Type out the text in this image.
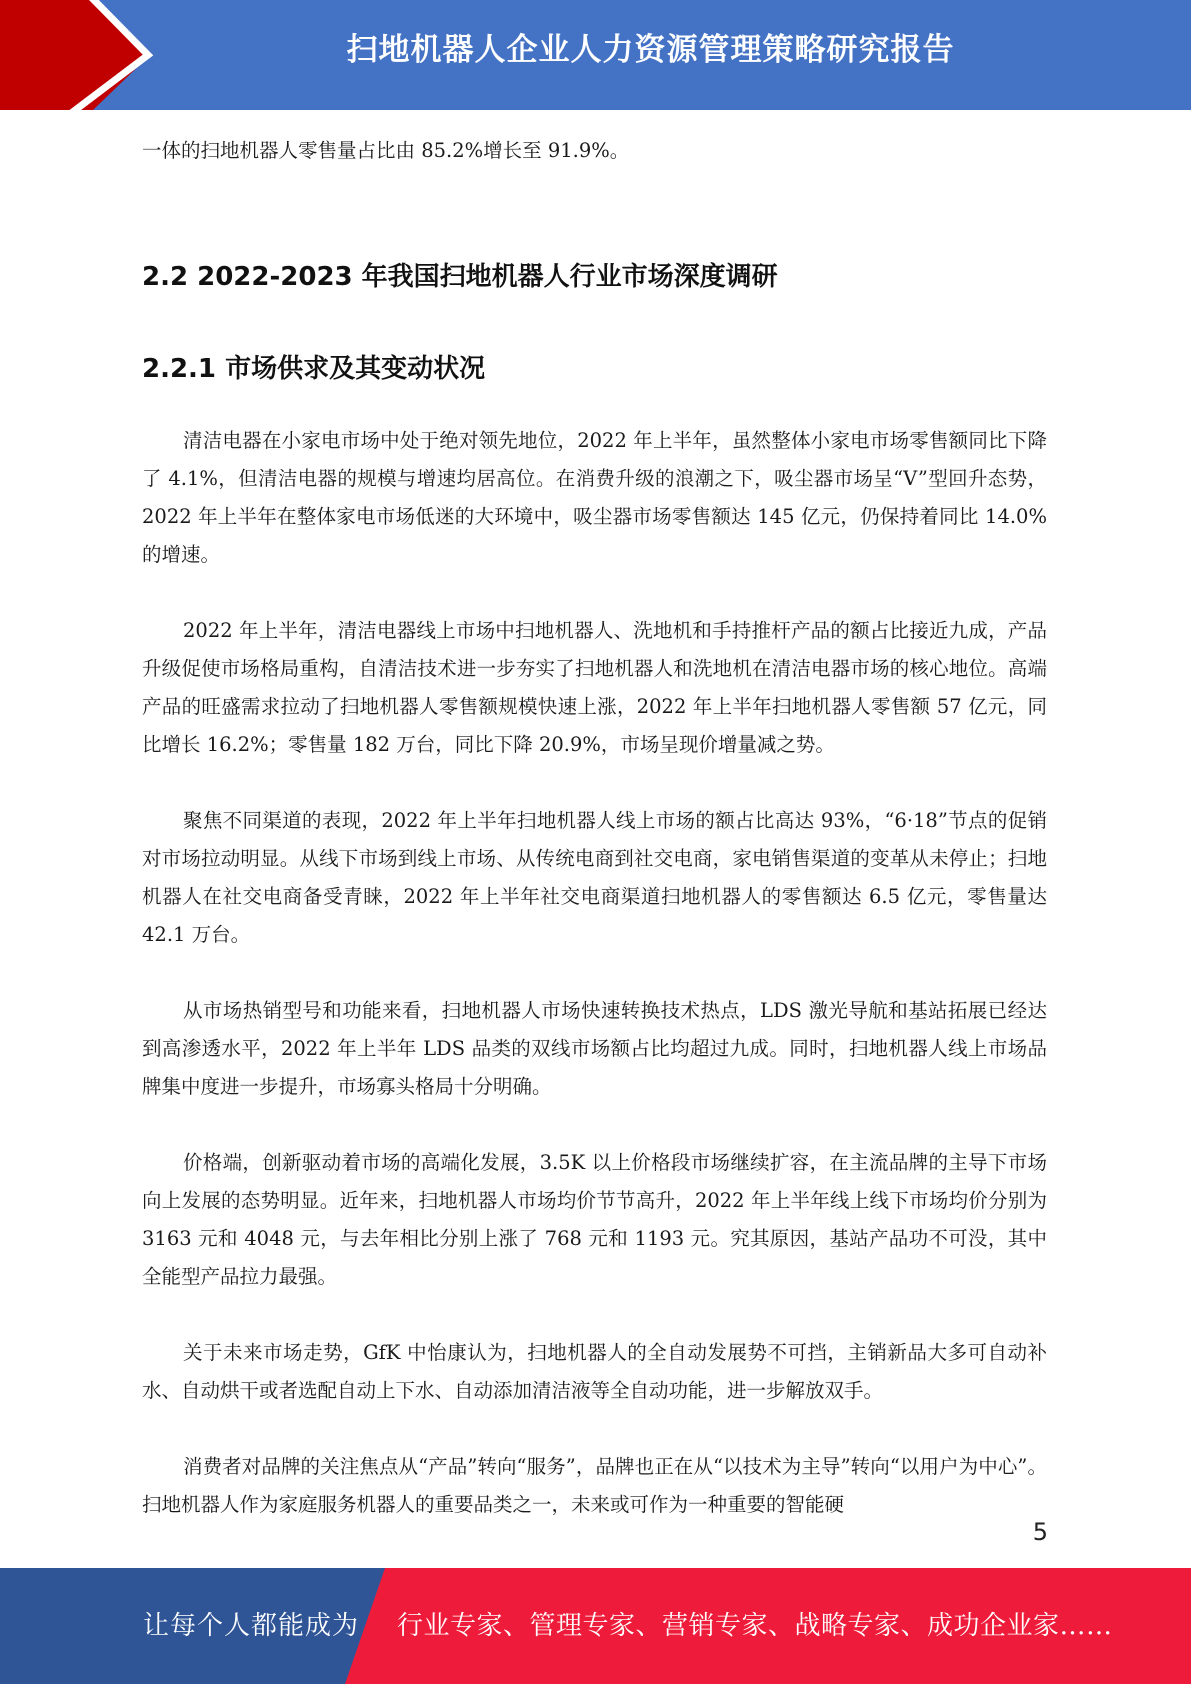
扫地机器人企业人力资源管理策略研究报告

一体的扫地机器人零售量占比由 85.2%增长至 91.9%。

2.2 2022-2023 年我国扫地机器人行业市场深度调研
2.2.1 市场供求及其变动状况

清洁电器在小家电市场中处于绝对领先地位，2022 年上半年，虽然整体小家电市场零售额同比下降了 4.1%，但清洁电器的规模与增速均居高位。在消费升级的浪潮之下，吸尘器市场呈“V”型回升态势，2022 年上半年在整体家电市场低迷的大环境中，吸尘器市场零售额达 145 亿元，仍保持着同比 14.0%的增速。

2022 年上半年，清洁电器线上市场中扫地机器人、洗地机和手持推杆产品的额占比接近九成，产品升级促使市场格局重构，自清洁技术进一步夯实了扫地机器人和洗地机在清洁电器市场的核心地位。高端产品的旺盛需求拉动了扫地机器人零售额规模快速上涨，2022 年上半年扫地机器人零售额 57 亿元，同比增长 16.2%；零售量 182 万台，同比下降 20.9%，市场呈现价增量减之势。

聚焦不同渠道的表现，2022 年上半年扫地机器人线上市场的额占比高达 93%，“6·18”节点的促销对市场拉动明显。从线下市场到线上市场、从传统电商到社交电商，家电销售渠道的变革从未停止；扫地机器人在社交电商备受青睐，2022 年上半年社交电商渠道扫地机器人的零售额达 6.5 亿元，零售量达 42.1 万台。

从市场热销型号和功能来看，扫地机器人市场快速转换技术热点，LDS 激光导航和基站拓展已经达到高渗透水平，2022 年上半年 LDS 品类的双线市场额占比均超过九成。同时，扫地机器人线上市场品牌集中度进一步提升，市场寡头格局十分明确。

价格端，创新驱动着市场的高端化发展，3.5K 以上价格段市场继续扩容，在主流品牌的主导下市场向上发展的态势明显。近年来，扫地机器人市场均价节节高升，2022 年上半年线上线下市场均价分别为 3163 元和 4048 元，与去年相比分别上涨了 768 元和 1193 元。究其原因，基站产品功不可没，其中全能型产品拉力最强。

关于未来市场走势，GfK 中怡康认为，扫地机器人的全自动发展势不可挡，主销新品大多可自动补水、自动烘干或者选配自动上下水、自动添加清洁液等全自动功能，进一步解放双手。

消费者对品牌的关注焦点从“产品”转向“服务”，品牌也正在从“以技术为主导”转向“以用户为中心”。扫地机器人作为家庭服务机器人的重要品类之一，未来或可作为一种重要的智能硬

5
让每个人都能成为 行业专家、管理专家、营销专家、战略专家、成功企业家……
